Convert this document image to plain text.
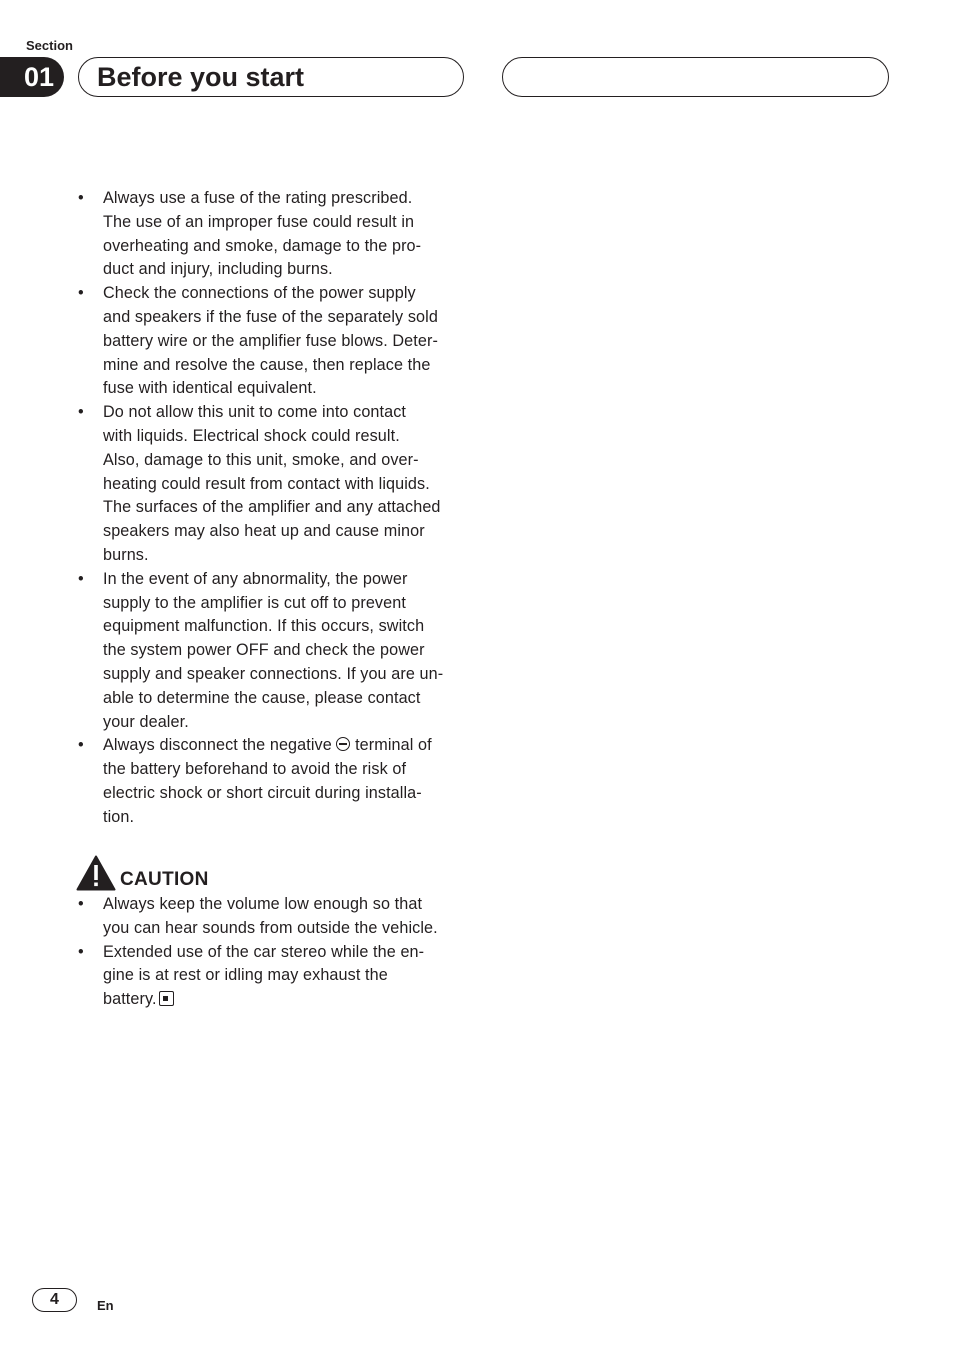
Section
01	Before you start
• Always use a fuse of the rating prescribed.
The use of an improper fuse could result in
overheating and smoke, damage to the pro-
duct and injury, including burns.
• Check the connections of the power supply
and speakers if the fuse of the separately sold
battery wire or the amplifier fuse blows. Deter-
mine and resolve the cause, then replace the
fuse with identical equivalent.
• Do not allow this unit to come into contact
with liquids. Electrical shock could result.
Also, damage to this unit, smoke, and over-
heating could result from contact with liquids.
The surfaces of the amplifier and any attached
speakers may also heat up and cause minor
burns.
• In the event of any abnormality, the power
supply to the amplifier is cut off to prevent
equipment malfunction. If this occurs, switch
the system power OFF and check the power
supply and speaker connections. If you are un-
able to determine the cause, please contact
your dealer.
• Always disconnect the negative terminal of
the battery beforehand to avoid the risk of
electric shock or short circuit during installa-
tion.
CAUTION
• Always keep the volume low enough so that
you can hear sounds from outside the vehicle.
• Extended use of the car stereo while the en-
gine is at rest or idling may exhaust the
battery.
4	En
